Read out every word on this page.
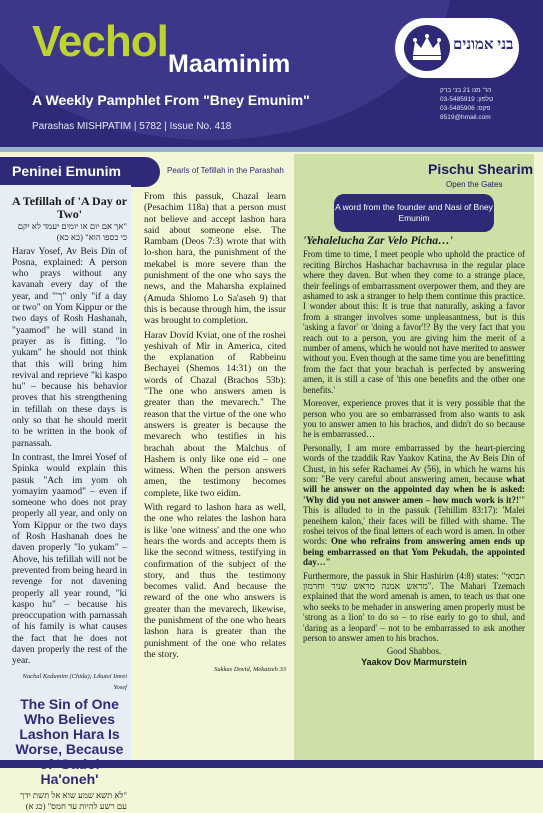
Vechol Maaminim
A Weekly Pamphlet From "Bney Emunim"
Parashas MISHPATIM | 5782 | Issue No. 418
בני אמונים
הר' מנו 21 בני ברק
טלפון: 03-5485919
03-5485906 :פקס
8519@hmail.com
Peninei Emunim	Pearls of Tefillah in the Parashah
A Tefillah of 'A Day or Two'

"אך אם יום או יומים יעמד לא יקם כי כספו הוא" (כא כא)

Harav Yosef, Av Beis Din of Posna, explained: A person who prays without any kavanah every day of the year, and "'ך" only "if a day or two" on Yom Kippur or the two days of Rosh Hashanah, "yaamod" he will stand in prayer as is fitting. "lo yukam" he should not think that this will bring him revival and reprieve "ki kaspo hu" – because his behavior proves that his strengthening in tefillah on these days is only so that he should merit to be written in the book of parnassah.

In contrast, the Imrei Yosef of Spinka would explain this pasuk "Ach im yom oh yomayim yaamod" – even if someone who does not pray properly all year, and only on Yom Kippur or the two days of Rosh Hashanah does he daven properly "lo yukam" – Above, his tefillah will not be prevented from being heard in revenge for not davening properly all year round, "ki kaspo hu" – because his preoccupation with parnassah of his family is what causes the fact that he does not daven properly the rest of the year.

Nachal Kedumim (Chida); Likutei Imrei Yosef

The Sin of One Who Believes Lashon Hara Is Worse, Because Ha'oneh'

"לא תשא שמע שוא אל תשת ידך עם רשע להיות עד חמס" (כג א)

From this passuk, Chazal learn (Pesachim 118a) that a person must not believe and accept lashon hara said about someone else. The Rambam (Deos 7:3) wrote that with lo-shon hara, the punishment of the mekabel is more severe than the punishment of the one who says the news, and the Maharsha explained (Amuda Shlomo Lo Sa'aseh 9) that this is because through him, the issur was brought to completion.

Harav Dovid Kviat, one of the roshei yeshivah of Mir in America, cited the explanation of Rabbeinu Bechayei (Shemos 14:31) on the words of Chazal (Brachos 53b): "The one who answers amen is greater than the mevarech." The reason that the virtue of the one who answers is greater is because the mevarech who testifies in his brachah about the Malchus of Hashem is only like one eid – one witness. When the person answers amen, the testimony becomes complete, like two eidim.

With regard to lashon hara as well, the one who relates the lashon hara is like 'one witness' and the one who hears the words and accepts them is like the second witness, testifying in confirmation of the subject of the story, and thus the testimony becomes valid. And because the reward of the one who answers is greater than the mevarech, likewise, the punishment of the one who hears lashon hara is greater than the punishment of the one who relates the story.

Sukkas Dovid, Mekatzeh 33

Pischu Shearim
Open the Gates
A word from the founder and Nasi of Bney Emunim

'Yehalelucha Zar Velo Picha…'

From time to time, I meet people who uphold the practice of reciting Birchos Hashachar bachavrusa in the regular place where they daven. But when they come to a strange place, their feelings of embarrassment overpower them, and they are ashamed to ask a stranger to help them continue this practice. I wonder about this: It is true that naturally, asking a favor from a stranger involves some unpleasantness, but is this 'asking a favor' or 'doing a favor'!? By the very fact that you reach out to a person, you are giving him the merit of a number of amens, which he would not have merited to answer without you. Even though at the same time you are benefitting from the fact that your brachah is perfected by answering amen, it is still a case of 'this one benefits and the other one benefits.'

Moreover, experience proves that it is very possible that the person who you are so embarrassed from also wants to ask you to answer amen to his brachos, and didn't do so because he is embarrassed…

Personally, I am more embarrassed by the heart-piercing words of the tzaddik Rav Yaakov Katina, the Av Beis Din of Chust, in his sefer Rachamei Av (56), in which he warns his son: "Be very careful about answering amen, because what will he answer on the appointed day when he is asked: 'Why did you not answer amen – how much work is it?!'" This is alluded to in the passuk (Tehillim 83:17): 'Malei peneihem kalon,' their faces will be filled with shame. The roshei teivos of the final letters of each word is amen. In other words: One who refrains from answering amen ends up being embarrassed on that Yom Pekudah, the appointed day…"

Furthermore, the passuk in Shir Hashirim (4:8) states: "תבואי מראש אמנה מראש שניר וחרמון". The Mahari Tzemach explained that the word amenah is amen, to teach us that one who seeks to be mehader in answering amen properly must be 'strong as a lion' to do so – to rise early to go to shul, and 'daring as a leopard' – not to be embarrassed to ask another person to answer amen to his brachos.

Good Shabbos.

Yaakov Dov Marmurstein
